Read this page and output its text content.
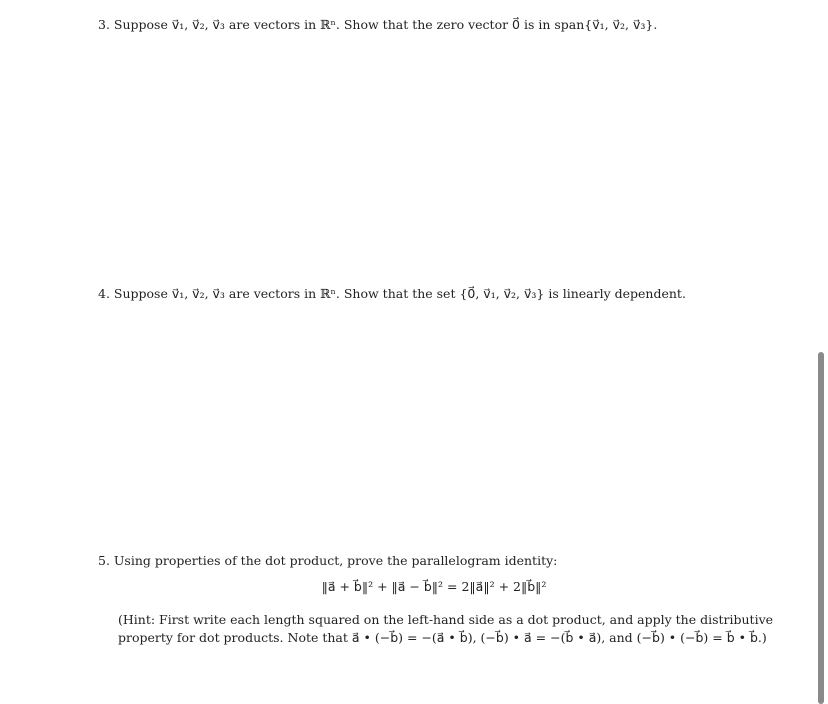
3. Suppose v⃗₁, v⃗₂, v⃗₃ are vectors in ℝⁿ. Show that the zero vector 0⃗ is in span{v⃗₁, v⃗₂, v⃗₃}.
4. Suppose v⃗₁, v⃗₂, v⃗₃ are vectors in ℝⁿ. Show that the set {0⃗, v⃗₁, v⃗₂, v⃗₃} is linearly dependent.
5. Using properties of the dot product, prove the parallelogram identity:
‖a⃗ + b⃗‖² + ‖a⃗ − b⃗‖² = 2‖a⃗‖² + 2‖b⃗‖²
(Hint: First write each length squared on the left-hand side as a dot product, and apply the distributive
property for dot products. Note that a⃗ • (−b⃗) = −(a⃗ • b⃗), (−b⃗) • a⃗ = −(b⃗ • a⃗), and (−b⃗) • (−b⃗) = b⃗ • b⃗.)
